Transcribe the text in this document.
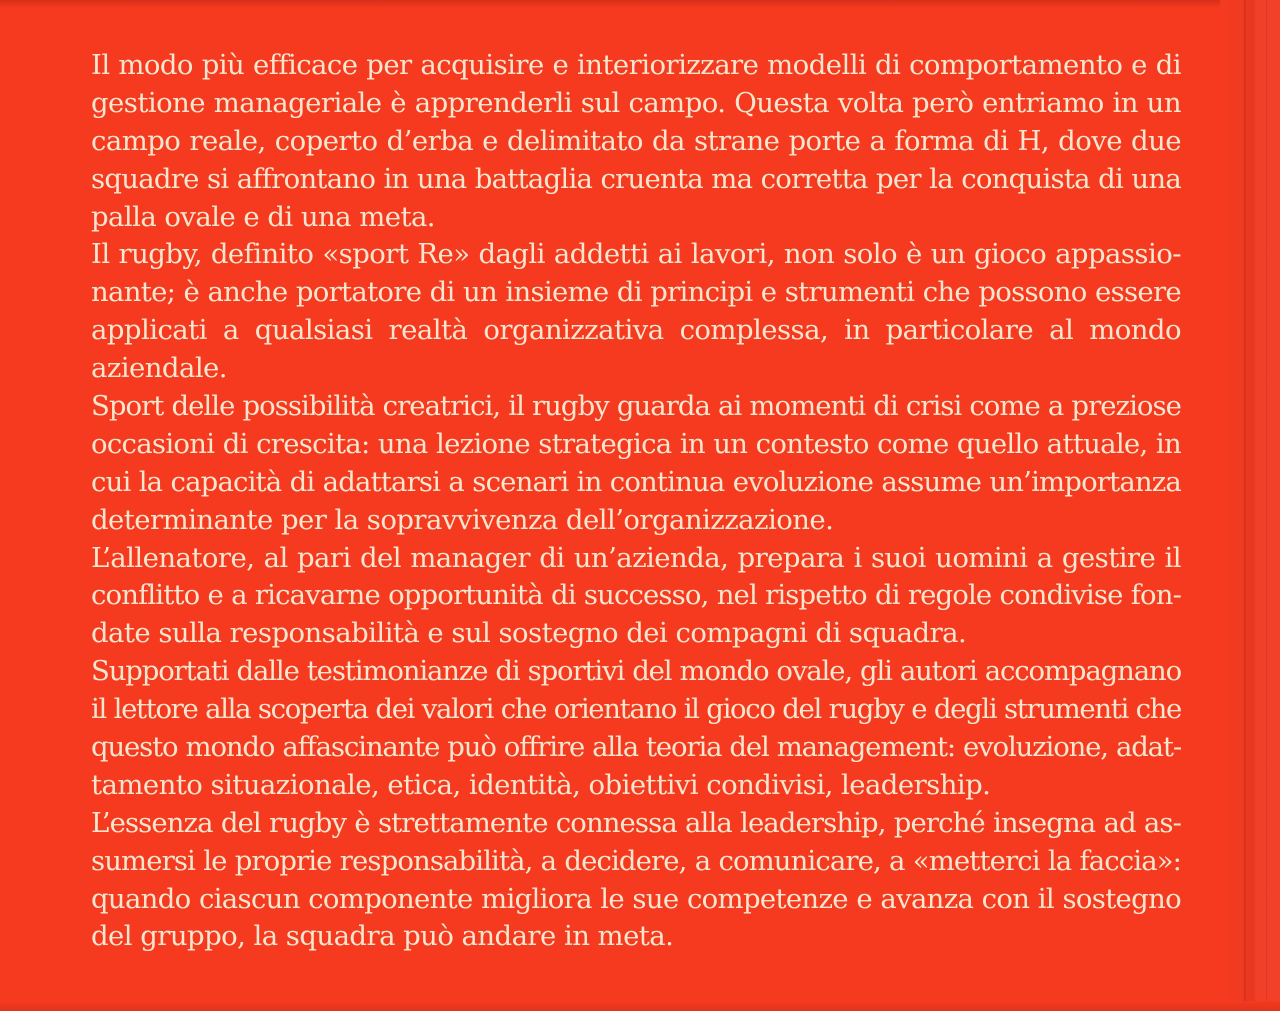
Il modo più efficace per acquisire e interiorizzare modelli di comportamento e di
gestione manageriale è apprenderli sul campo. Questa volta però entriamo in un
campo reale, coperto d’erba e delimitato da strane porte a forma di H, dove due
squadre si affrontano in una battaglia cruenta ma corretta per la conquista di una
palla ovale e di una meta.
Il rugby, definito «sport Re» dagli addetti ai lavori, non solo è un gioco appassio-
nante; è anche portatore di un insieme di principi e strumenti che possono essere
applicati a qualsiasi realtà organizzativa complessa, in particolare al mondo
aziendale.
Sport delle possibilità creatrici, il rugby guarda ai momenti di crisi come a preziose
occasioni di crescita: una lezione strategica in un contesto come quello attuale, in
cui la capacità di adattarsi a scenari in continua evoluzione assume un’importanza
determinante per la sopravvivenza dell’organizzazione.
L’allenatore, al pari del manager di un’azienda, prepara i suoi uomini a gestire il
conflitto e a ricavarne opportunità di successo, nel rispetto di regole condivise fon-
date sulla responsabilità e sul sostegno dei compagni di squadra.
Supportati dalle testimonianze di sportivi del mondo ovale, gli autori accompagnano
il lettore alla scoperta dei valori che orientano il gioco del rugby e degli strumenti che
questo mondo affascinante può offrire alla teoria del management: evoluzione, adat-
tamento situazionale, etica, identità, obiettivi condivisi, leadership.
L’essenza del rugby è strettamente connessa alla leadership, perché insegna ad as-
sumersi le proprie responsabilità, a decidere, a comunicare, a «metterci la faccia»:
quando ciascun componente migliora le sue competenze e avanza con il sostegno
del gruppo, la squadra può andare in meta.
